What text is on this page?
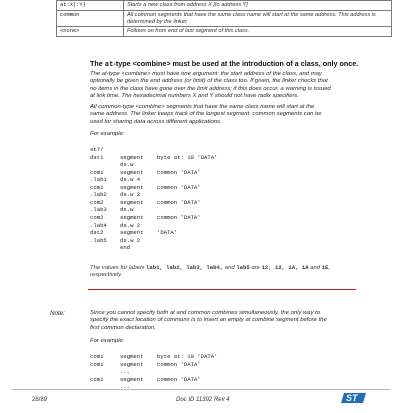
at:X(:Y)	Starts a new class from address X [to address Y]
common	All common segments that have the same class name will start at the same address. This address is determined by the linker.
<none>	Follows on from end of last segment of this class.
The at-type <combine> must be used at the introduction of a class, only once.
The at-type <combine> must have one argument: the start address of the class, and may
optionally be given the end address (or limit) of the class too. If given, the linker checks that
no items in the class have gone over the limit address; if this does occur, a warning is issued
at link time. The hexadecimal numbers X and Y should not have radix specifiers.
All common-type <combine> segments that have the same class name will start at the
same address. The linker keeps track of the longest segment. common segments can be
used for sharing data across different applications.
For example:
st7/
dat1	segment byte at: 10 'DATA'
ds.w
com1	segment common 'DATA'
.lab1 ds.w 4
com1	segment common 'DATA'
.lab2 ds.w 2
com2	segment common 'DATA'
.lab3 ds.w
com2	segment common 'DATA'
.lab4 ds.w 2
dat2	segment 'DATA'
.lab5 ds.w 2
end
The values for labels lab1, lab2, lab3, lab4, and lab5 are 12, 12, 1A, 1A and 1E,
respectively.
Note:	Since you cannot specify both at and common combines simultaneously, the only way to
specify the exact location of commons is to insert an empty at combine segment before the
first common declaration.
For example:
com1	segment byte at: 10 'DATA'
com1	segment common 'DATA'
...
com1	segment common 'DATA'
...
28/89	Doc ID 11392 Rev 4	ST
